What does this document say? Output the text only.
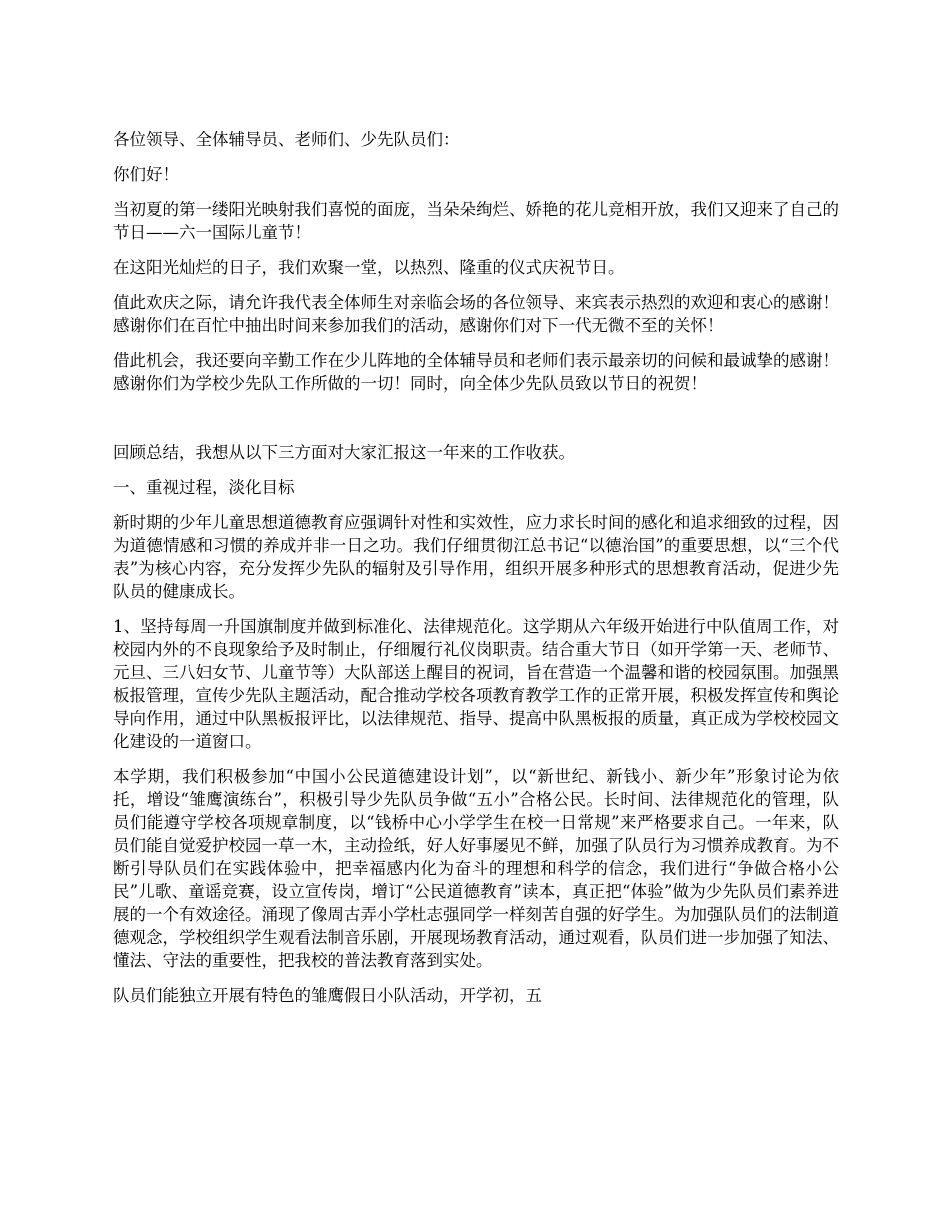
各位领导、全体辅导员、老师们、少先队员们：

你们好！

当初夏的第一缕阳光映射我们喜悦的面庞，当朵朵绚烂、娇艳的花儿竞相开放，我们又迎来了自己的节日——六一国际儿童节！

在这阳光灿烂的日子，我们欢聚一堂，以热烈、隆重的仪式庆祝节日。

值此欢庆之际，请允许我代表全体师生对亲临会场的各位领导、来宾表示热烈的欢迎和衷心的感谢！感谢你们在百忙中抽出时间来参加我们的活动，感谢你们对下一代无微不至的关怀！

借此机会，我还要向辛勤工作在少儿阵地的全体辅导员和老师们表示最亲切的问候和最诚挚的感谢！感谢你们为学校少先队工作所做的一切！同时，向全体少先队员致以节日的祝贺！

回顾总结，我想从以下三方面对大家汇报这一年来的工作收获。

一、重视过程，淡化目标

新时期的少年儿童思想道德教育应强调针对性和实效性，应力求长时间的感化和追求细致的过程，因为道德情感和习惯的养成并非一日之功。我们仔细贯彻江总书记“以德治国”的重要思想，以“三个代表”为核心内容，充分发挥少先队的辐射及引导作用，组织开展多种形式的思想教育活动，促进少先队员的健康成长。

1、坚持每周一升国旗制度并做到标准化、法律规范化。这学期从六年级开始进行中队值周工作，对校园内外的不良现象给予及时制止，仔细履行礼仪岗职责。结合重大节日（如开学第一天、老师节、元旦、三八妇女节、儿童节等）大队部送上醒目的祝词，旨在营造一个温馨和谐的校园氛围。加强黑板报管理，宣传少先队主题活动，配合推动学校各项教育教学工作的正常开展，积极发挥宣传和舆论导向作用，通过中队黑板报评比，以法律规范、指导、提高中队黑板报的质量，真正成为学校校园文化建设的一道窗口。

本学期，我们积极参加“中国小公民道德建设计划”，以“新世纪、新钱小、新少年”形象讨论为依托，增设“雏鹰演练台”，积极引导少先队员争做“五小”合格公民。长时间、法律规范化的管理，队员们能遵守学校各项规章制度，以“钱桥中心小学学生在校一日常规”来严格要求自己。一年来，队员们能自觉爱护校园一草一木，主动捡纸，好人好事屡见不鲜，加强了队员行为习惯养成教育。为不断引导队员们在实践体验中，把幸福感内化为奋斗的理想和科学的信念，我们进行“争做合格小公民”儿歌、童谣竞赛，设立宣传岗，增订“公民道德教育”读本，真正把“体验”做为少先队员们素养进展的一个有效途径。涌现了像周古弄小学杜志强同学一样刻苦自强的好学生。为加强队员们的法制道德观念，学校组织学生观看法制音乐剧，开展现场教育活动，通过观看，队员们进一步加强了知法、懂法、守法的重要性，把我校的普法教育落到实处。

队员们能独立开展有特色的雏鹰假日小队活动，开学初，五
